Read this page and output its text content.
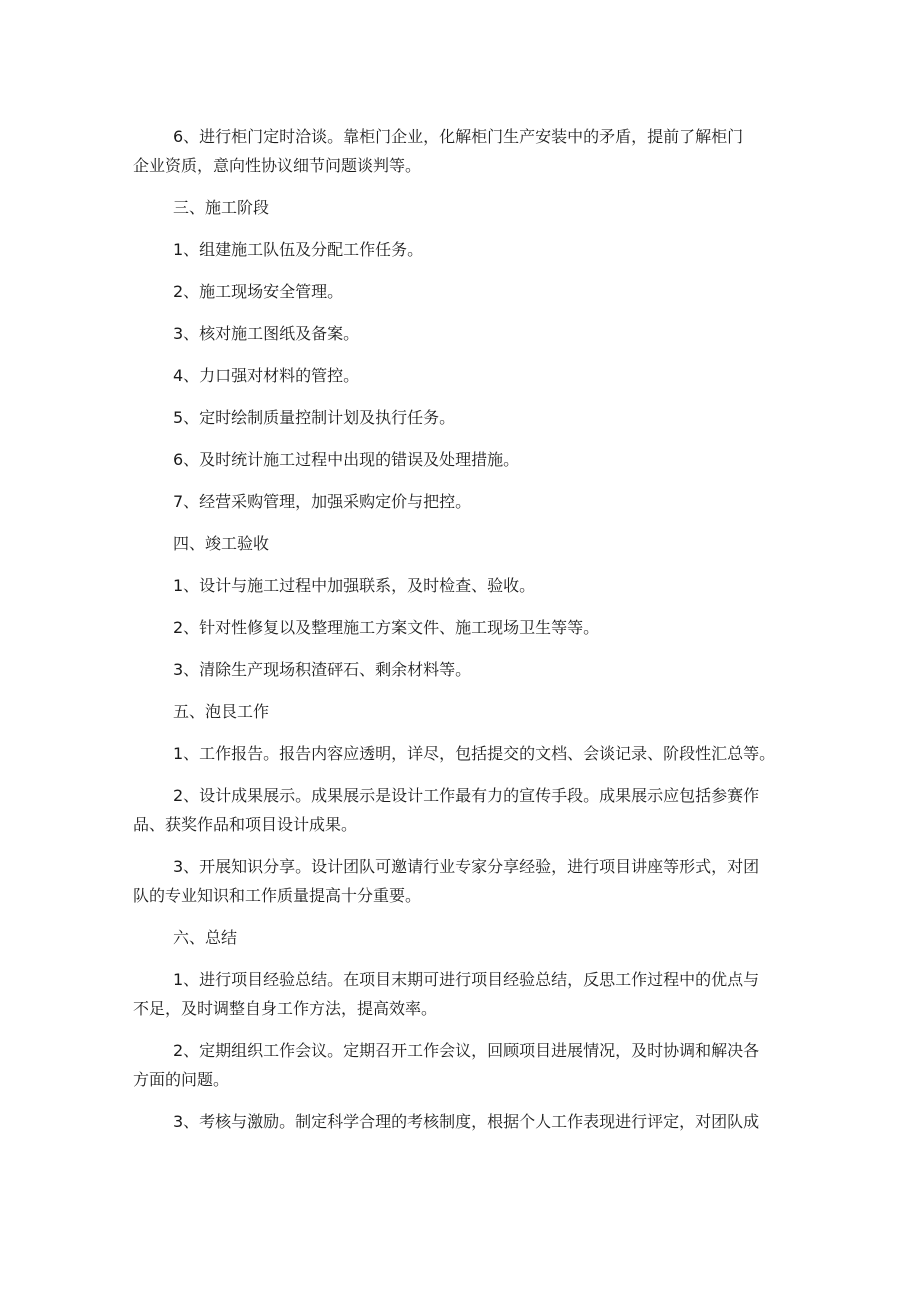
6、进行柜门定时洽谈。靠柜门企业，化解柜门生产安装中的矛盾，提前了解柜门
企业资质，意向性协议细节问题谈判等。
三、施工阶段
1、组建施工队伍及分配工作任务。
2、施工现场安全管理。
3、核对施工图纸及备案。
4、力口强对材料的管控。
5、定时绘制质量控制计划及执行任务。
6、及时统计施工过程中出现的错误及处理措施。
7、经营采购管理，加强采购定价与把控。
四、竣工验收
1、设计与施工过程中加强联系，及时检查、验收。
2、针对性修复以及整理施工方案文件、施工现场卫生等等。
3、清除生产现场积渣砰石、剩余材料等。
五、泡艮工作
1、工作报告。报告内容应透明，详尽，包括提交的文档、会谈记录、阶段性汇总等。
2、设计成果展示。成果展示是设计工作最有力的宣传手段。成果展示应包括参赛作
品、获奖作品和项目设计成果。
3、开展知识分享。设计团队可邀请行业专家分享经验，进行项目讲座等形式，对团
队的专业知识和工作质量提高十分重要。
六、总结
1、进行项目经验总结。在项目末期可进行项目经验总结，反思工作过程中的优点与
不足，及时调整自身工作方法，提高效率。
2、定期组织工作会议。定期召开工作会议，回顾项目进展情况，及时协调和解决各
方面的问题。
3、考核与激励。制定科学合理的考核制度，根据个人工作表现进行评定，对团队成
